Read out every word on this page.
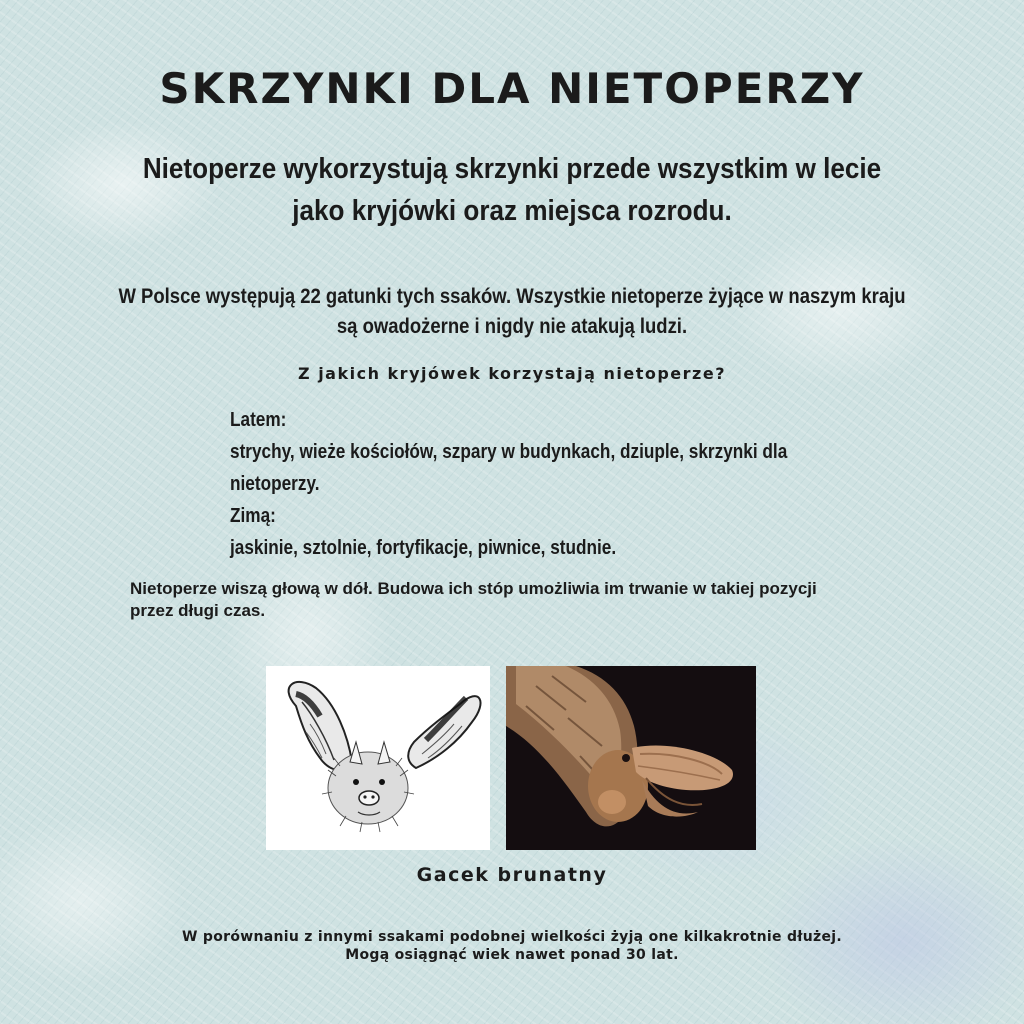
SKRZYNKI DLA NIETOPERZY
Nietoperze wykorzystują skrzynki przede wszystkim w lecie
jako kryjówki oraz miejsca rozrodu.
W Polsce występują 22 gatunki tych ssaków. Wszystkie nietoperze żyjące w naszym kraju
są owadożerne i nigdy nie atakują ludzi.
Z jakich kryjówek korzystają nietoperze?
Latem:
strychy, wieże kościołów, szpary w budynkach, dziuple, skrzynki dla nietoperzy.
Zimą:
jaskinie, sztolnie, fortyfikacje, piwnice, studnie.
Nietoperze wiszą głową w dół. Budowa ich stóp umożliwia im trwanie w takiej pozycji
przez długi czas.
Gacek brunatny
W porównaniu z innymi ssakami podobnej wielkości żyją one kilkakrotnie dłużej.
Mogą osiągnąć wiek nawet ponad 30 lat.
